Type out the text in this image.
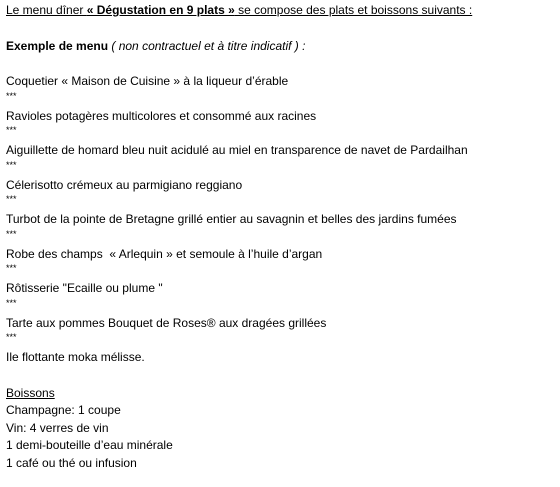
Le menu dîner « Dégustation en 9 plats » se compose des plats et boissons suivants :
Exemple de menu ( non contractuel et à titre indicatif ) :
Coquetier « Maison de Cuisine » à la liqueur d’érable
***
Ravioles potagères multicolores et consommé aux racines
***
Aiguillette de homard bleu nuit acidulé au miel en transparence de navet de Pardailhan
***
Célerisotto crémeux au parmigiano reggiano
***
Turbot de la pointe de Bretagne grillé entier au savagnin et belles des jardins fumées
***
Robe des champs  « Arlequin » et semoule à l’huile d’argan
***
Rôtisserie "Ecaille ou plume "
***
Tarte aux pommes Bouquet de Roses® aux dragées grillées
***
Ile flottante moka mélisse.
Boissons
Champagne: 1 coupe
Vin: 4 verres de vin
1 demi-bouteille d’eau minérale
1 café ou thé ou infusion
